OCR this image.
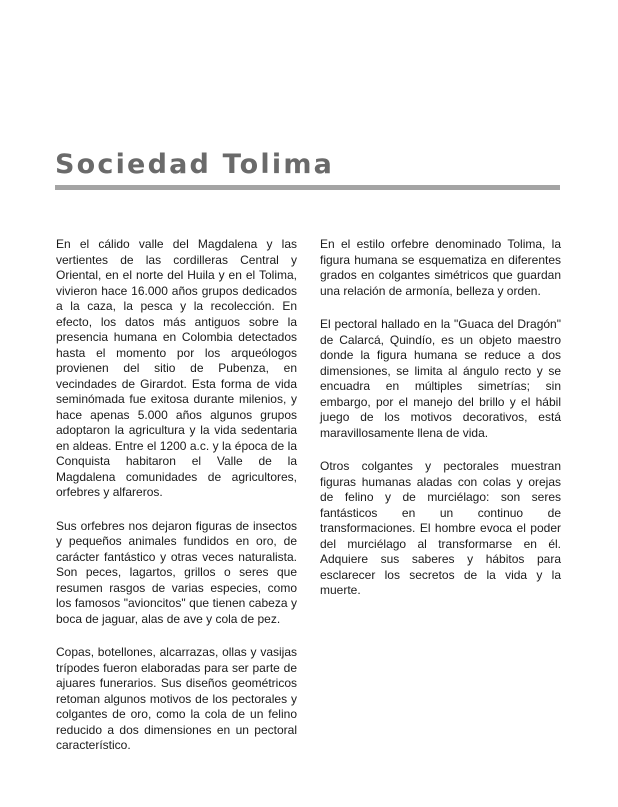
Sociedad Tolima

En el cálido valle del Magdalena y las vertientes de las cordilleras Central y Oriental, en el norte del Huila y en el Tolima, vivieron hace 16.000 años grupos dedicados a la caza, la pesca y la recolección. En efecto, los datos más antiguos sobre la presencia humana en Colombia detectados hasta el momento por los arqueólogos provienen del sitio de Pubenza, en vecindades de Girardot. Esta forma de vida seminómada fue exitosa durante milenios, y hace apenas 5.000 años algunos grupos adoptaron la agricultura y la vida sedentaria en aldeas. Entre el 1200 a.c. y la época de la Conquista habitaron el Valle de la Magdalena comunidades de agricultores, orfebres y alfareros.

Sus orfebres nos dejaron figuras de insectos y pequeños animales fundidos en oro, de carácter fantástico y otras veces naturalista. Son peces, lagartos, grillos o seres que resumen rasgos de varias especies, como los famosos "avioncitos" que tienen cabeza y boca de jaguar, alas de ave y cola de pez.

Copas, botellones, alcarrazas, ollas y vasijas trípodes fueron elaboradas para ser parte de ajuares funerarios. Sus diseños geométricos retoman algunos motivos de los pectorales y colgantes de oro, como la cola de un felino reducido a dos dimensiones en un pectoral característico.

En el estilo orfebre denominado Tolima, la figura humana se esquematiza en diferentes grados en colgantes simétricos que guardan una relación de armonía, belleza y orden.

El pectoral hallado en la "Guaca del Dragón" de Calarcá, Quindío, es un objeto maestro donde la figura humana se reduce a dos dimensiones, se limita al ángulo recto y se encuadra en múltiples simetrías; sin embargo, por el manejo del brillo y el hábil juego de los motivos decorativos, está maravillosamente llena de vida.

Otros colgantes y pectorales muestran figuras humanas aladas con colas y orejas de felino y de murciélago: son seres fantásticos en un continuo de transformaciones. El hombre evoca el poder del murciélago al transformarse en él. Adquiere sus saberes y hábitos para esclarecer los secretos de la vida y la muerte.
